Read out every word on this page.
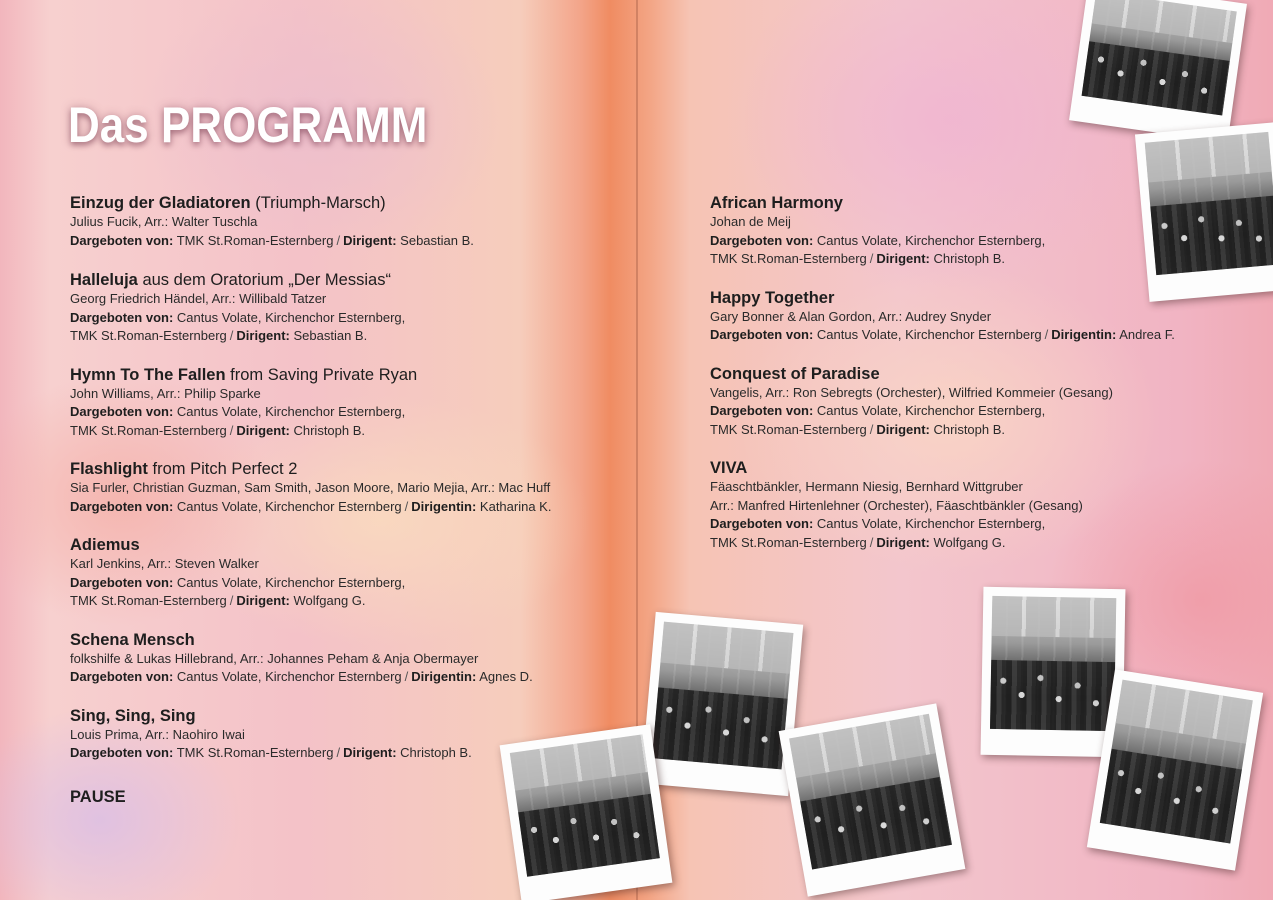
Das PROGRAMM
Einzug der Gladiatoren (Triumph-Marsch)
Julius Fucik, Arr.: Walter Tuschla
Dargeboten von: TMK St.Roman-Esternberg / Dirigent: Sebastian B.
Halleluja aus dem Oratorium „Der Messias“
Georg Friedrich Händel, Arr.: Willibald Tatzer
Dargeboten von: Cantus Volate, Kirchenchor Esternberg,
TMK St.Roman-Esternberg / Dirigent: Sebastian B.
Hymn To The Fallen from Saving Private Ryan
John Williams, Arr.: Philip Sparke
Dargeboten von: Cantus Volate, Kirchenchor Esternberg,
TMK St.Roman-Esternberg / Dirigent: Christoph B.
Flashlight from Pitch Perfect 2
Sia Furler, Christian Guzman, Sam Smith, Jason Moore, Mario Mejia, Arr.: Mac Huff
Dargeboten von: Cantus Volate, Kirchenchor Esternberg / Dirigentin: Katharina K.
Adiemus
Karl Jenkins, Arr.: Steven Walker
Dargeboten von: Cantus Volate, Kirchenchor Esternberg,
TMK St.Roman-Esternberg / Dirigent: Wolfgang G.
Schena Mensch
folkshilfe & Lukas Hillebrand, Arr.: Johannes Peham & Anja Obermayer
Dargeboten von: Cantus Volate, Kirchenchor Esternberg / Dirigentin: Agnes D.
Sing, Sing, Sing
Louis Prima, Arr.: Naohiro Iwai
Dargeboten von: TMK St.Roman-Esternberg / Dirigent: Christoph B.
PAUSE
African Harmony
Johan de Meij
Dargeboten von: Cantus Volate, Kirchenchor Esternberg,
TMK St.Roman-Esternberg / Dirigent: Christoph B.
Happy Together
Gary Bonner & Alan Gordon, Arr.: Audrey Snyder
Dargeboten von: Cantus Volate, Kirchenchor Esternberg / Dirigentin: Andrea F.
Conquest of Paradise
Vangelis, Arr.: Ron Sebregts (Orchester), Wilfried Kommeier (Gesang)
Dargeboten von: Cantus Volate, Kirchenchor Esternberg,
TMK St.Roman-Esternberg / Dirigent: Christoph B.
VIVA
Fäaschtbänkler, Hermann Niesig, Bernhard Wittgruber
Arr.: Manfred Hirtenlehner (Orchester), Fäaschtbänkler (Gesang)
Dargeboten von: Cantus Volate, Kirchenchor Esternberg,
TMK St.Roman-Esternberg / Dirigent: Wolfgang G.
